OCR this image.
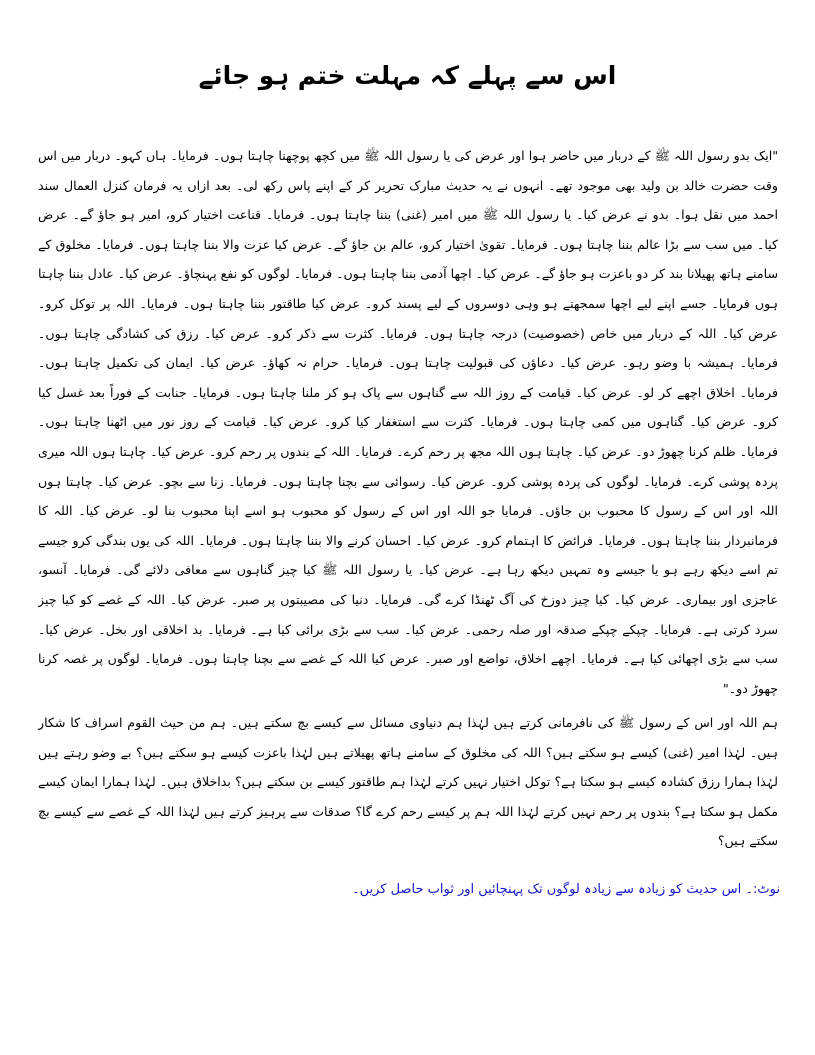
اس سے پہلے کہ مہلت ختم ہو جائے

"ایک بدو رسول اللہ ﷺ کے دربار میں حاضر ہوا اور عرض کی یا رسول اللہ ﷺ میں کچھ پوچھنا چاہتا ہوں۔ فرمایا۔ ہاں کہو۔ دربار میں اس وقت حضرت خالد بن ولید بھی موجود تھے۔ انہوں نے یہ حدیث مبارک تحریر کر کے اپنے پاس رکھ لی۔ بعد ازاں یہ فرمان کنزل العمال سند احمد میں نقل ہوا۔ بدو نے عرض کیا۔ یا رسول اللہ ﷺ میں امیر (غنی) بننا چاہتا ہوں۔ فرمایا۔ قناعت اختیار کرو، امیر ہو جاؤ گے۔ عرض کیا۔ میں سب سے بڑا عالم بننا چاہتا ہوں۔ فرمایا۔ تقویٰ اختیار کرو، عالم بن جاؤ گے۔ عرض کیا عزت والا بننا چاہتا ہوں۔ فرمایا۔ مخلوق کے سامنے ہاتھ پھیلانا بند کر دو باعزت ہو جاؤ گے۔ عرض کیا۔ اچھا آدمی بننا چاہتا ہوں۔ فرمایا۔ لوگوں کو نفع پہنچاؤ۔ عرض کیا۔ عادل بننا چاہتا ہوں فرمایا۔ جسے اپنے لیے اچھا سمجھتے ہو وہی دوسروں کے لیے پسند کرو۔ عرض کیا طاقتور بننا چاہتا ہوں۔ فرمایا۔ اللہ پر توکل کرو۔ عرض کیا۔ اللہ کے دربار میں خاص (خصوصیت) درجہ چاہتا ہوں۔ فرمایا۔ کثرت سے ذکر کرو۔ عرض کیا۔ رزق کی کشادگی چاہتا ہوں۔ فرمایا۔ ہمیشہ با وضو رہو۔ عرض کیا۔ دعاؤں کی قبولیت چاہتا ہوں۔ فرمایا۔ حرام نہ کھاؤ۔ عرض کیا۔ ایمان کی تکمیل چاہتا ہوں۔ فرمایا۔ اخلاق اچھے کر لو۔ عرض کیا۔ قیامت کے روز اللہ سے گناہوں سے پاک ہو کر ملنا چاہتا ہوں۔ فرمایا۔ جنابت کے فوراً بعد غسل کیا کرو۔ عرض کیا۔ گناہوں میں کمی چاہتا ہوں۔ فرمایا۔ کثرت سے استغفار کیا کرو۔ عرض کیا۔ قیامت کے روز نور میں اٹھنا چاہتا ہوں۔ فرمایا۔ ظلم کرنا چھوڑ دو۔ عرض کیا۔ چاہتا ہوں اللہ مجھ پر رحم کرے۔ فرمایا۔ اللہ کے بندوں پر رحم کرو۔ عرض کیا۔ چاہتا ہوں اللہ میری پردہ پوشی کرے۔ فرمایا۔ لوگوں کی پردہ پوشی کرو۔ عرض کیا۔ رسوائی سے بچنا چاہتا ہوں۔ فرمایا۔ زنا سے بچو۔ عرض کیا۔ چاہتا ہوں اللہ اور اس کے رسول کا محبوب بن جاؤں۔ فرمایا جو اللہ اور اس کے رسول کو محبوب ہو اسے اپنا محبوب بنا لو۔ عرض کیا۔ اللہ کا فرمانبردار بننا چاہتا ہوں۔ فرمایا۔ فرائض کا اہتمام کرو۔ عرض کیا۔ احسان کرنے والا بننا چاہتا ہوں۔ فرمایا۔ اللہ کی یوں بندگی کرو جیسے تم اسے دیکھ رہے ہو یا جیسے وہ تمہیں دیکھ رہا ہے۔ عرض کیا۔ یا رسول اللہ ﷺ کیا چیز گناہوں سے معافی دلائے گی۔ فرمایا۔ آنسو، عاجزی اور بیماری۔ عرض کیا۔ کیا چیز دوزخ کی آگ ٹھنڈا کرے گی۔ فرمایا۔ دنیا کی مصیبتوں پر صبر۔ عرض کیا۔ اللہ کے غصے کو کیا چیز سرد کرتی ہے۔ فرمایا۔ چپکے چپکے صدقہ اور صلہ رحمی۔ عرض کیا۔ سب سے بڑی برائی کیا ہے۔ فرمایا۔ بد اخلاقی اور بخل۔ عرض کیا۔ سب سے بڑی اچھائی کیا ہے۔ فرمایا۔ اچھے اخلاق، تواضع اور صبر۔ عرض کیا اللہ کے غصے سے بچنا چاہتا ہوں۔ فرمایا۔ لوگوں پر غصہ کرنا چھوڑ دو۔"

ہم اللہ اور اس کے رسول ﷺ کی نافرمانی کرتے ہیں لہٰذا ہم دنیاوی مسائل سے کیسے بچ سکتے ہیں۔ ہم من حیث القوم اسراف کا شکار ہیں۔ لہٰذا امیر (غنی) کیسے ہو سکتے ہیں؟ اللہ کی مخلوق کے سامنے ہاتھ پھیلاتے ہیں لہٰذا باعزت کیسے ہو سکتے ہیں؟ بے وضو رہتے ہیں لہٰذا ہمارا رزق کشادہ کیسے ہو سکتا ہے؟ توکل اختیار نہیں کرتے لہٰذا ہم طاقتور کیسے بن سکتے ہیں؟ بداخلاق ہیں۔ لہٰذا ہمارا ایمان کیسے مکمل ہو سکتا ہے؟ بندوں پر رحم نہیں کرتے لہٰذا اللہ ہم پر کیسے رحم کرے گا؟ صدقات سے پرہیز کرتے ہیں لہٰذا اللہ کے غصے سے کیسے بچ سکتے ہیں؟

نوٹ:۔ اس حدیث کو زیادہ سے زیادہ لوگوں تک پہنچائیں اور ثواب حاصل کریں۔
